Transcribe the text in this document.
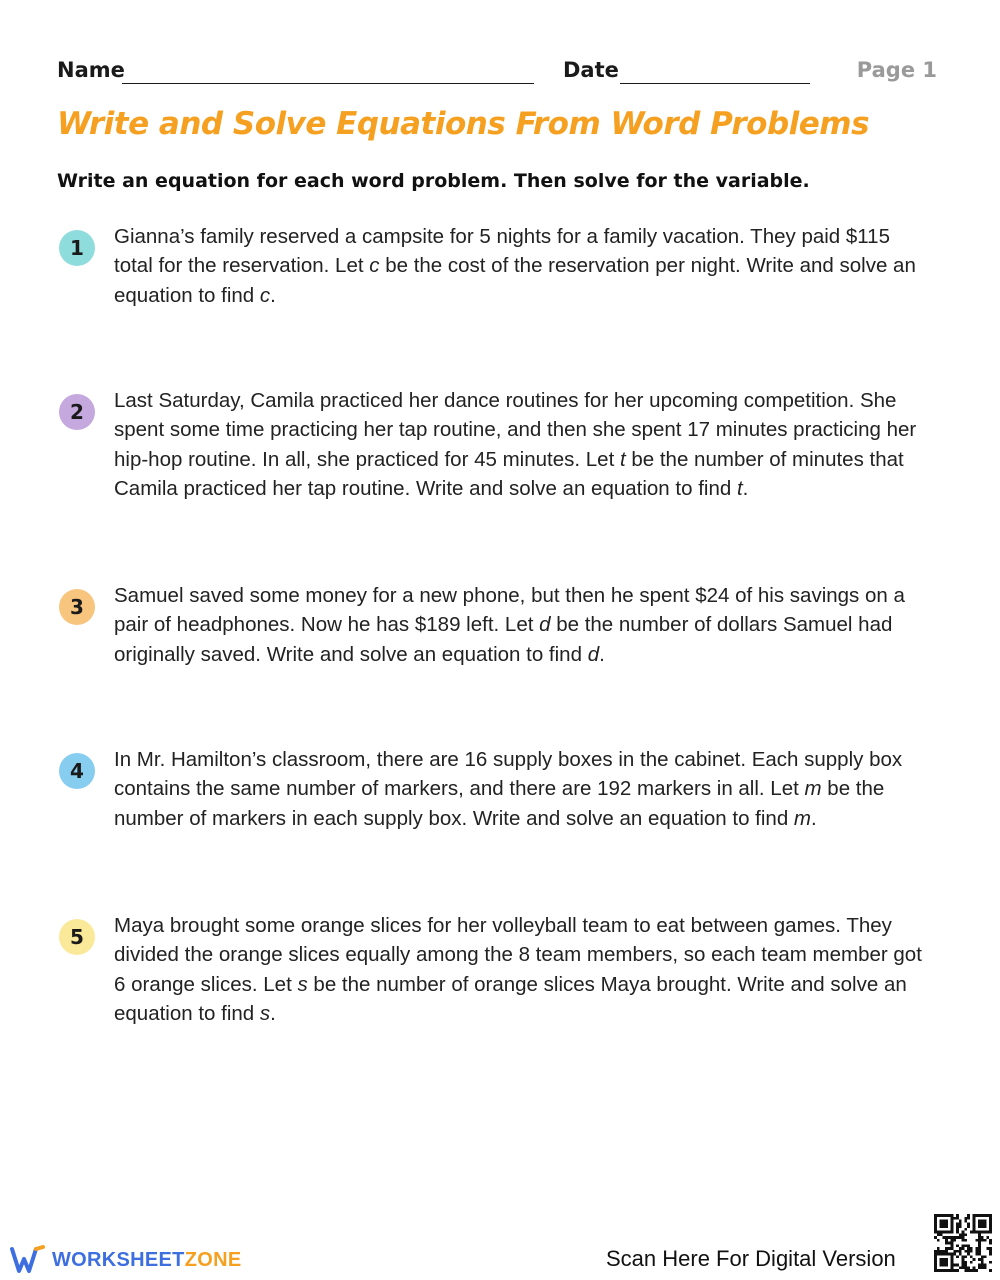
Name	Date	Page 1
Write and Solve Equations From Word Problems
Write an equation for each word problem. Then solve for the variable.
1 Gianna’s family reserved a campsite for 5 nights for a family vacation. They paid $115 total for the reservation. Let c be the cost of the reservation per night. Write and solve an equation to find c.
2 Last Saturday, Camila practiced her dance routines for her upcoming competition. She spent some time practicing her tap routine, and then she spent 17 minutes practicing her hip-hop routine. In all, she practiced for 45 minutes. Let t be the number of minutes that Camila practiced her tap routine. Write and solve an equation to find t.
3 Samuel saved some money for a new phone, but then he spent $24 of his savings on a pair of headphones. Now he has $189 left. Let d be the number of dollars Samuel had originally saved. Write and solve an equation to find d.
4 In Mr. Hamilton’s classroom, there are 16 supply boxes in the cabinet. Each supply box contains the same number of markers, and there are 192 markers in all. Let m be the number of markers in each supply box. Write and solve an equation to find m.
5 Maya brought some orange slices for her volleyball team to eat between games. They divided the orange slices equally among the 8 team members, so each team member got 6 orange slices. Let s be the number of orange slices Maya brought. Write and solve an equation to find s.
WORKSHEETZONE	Scan Here For Digital Version
